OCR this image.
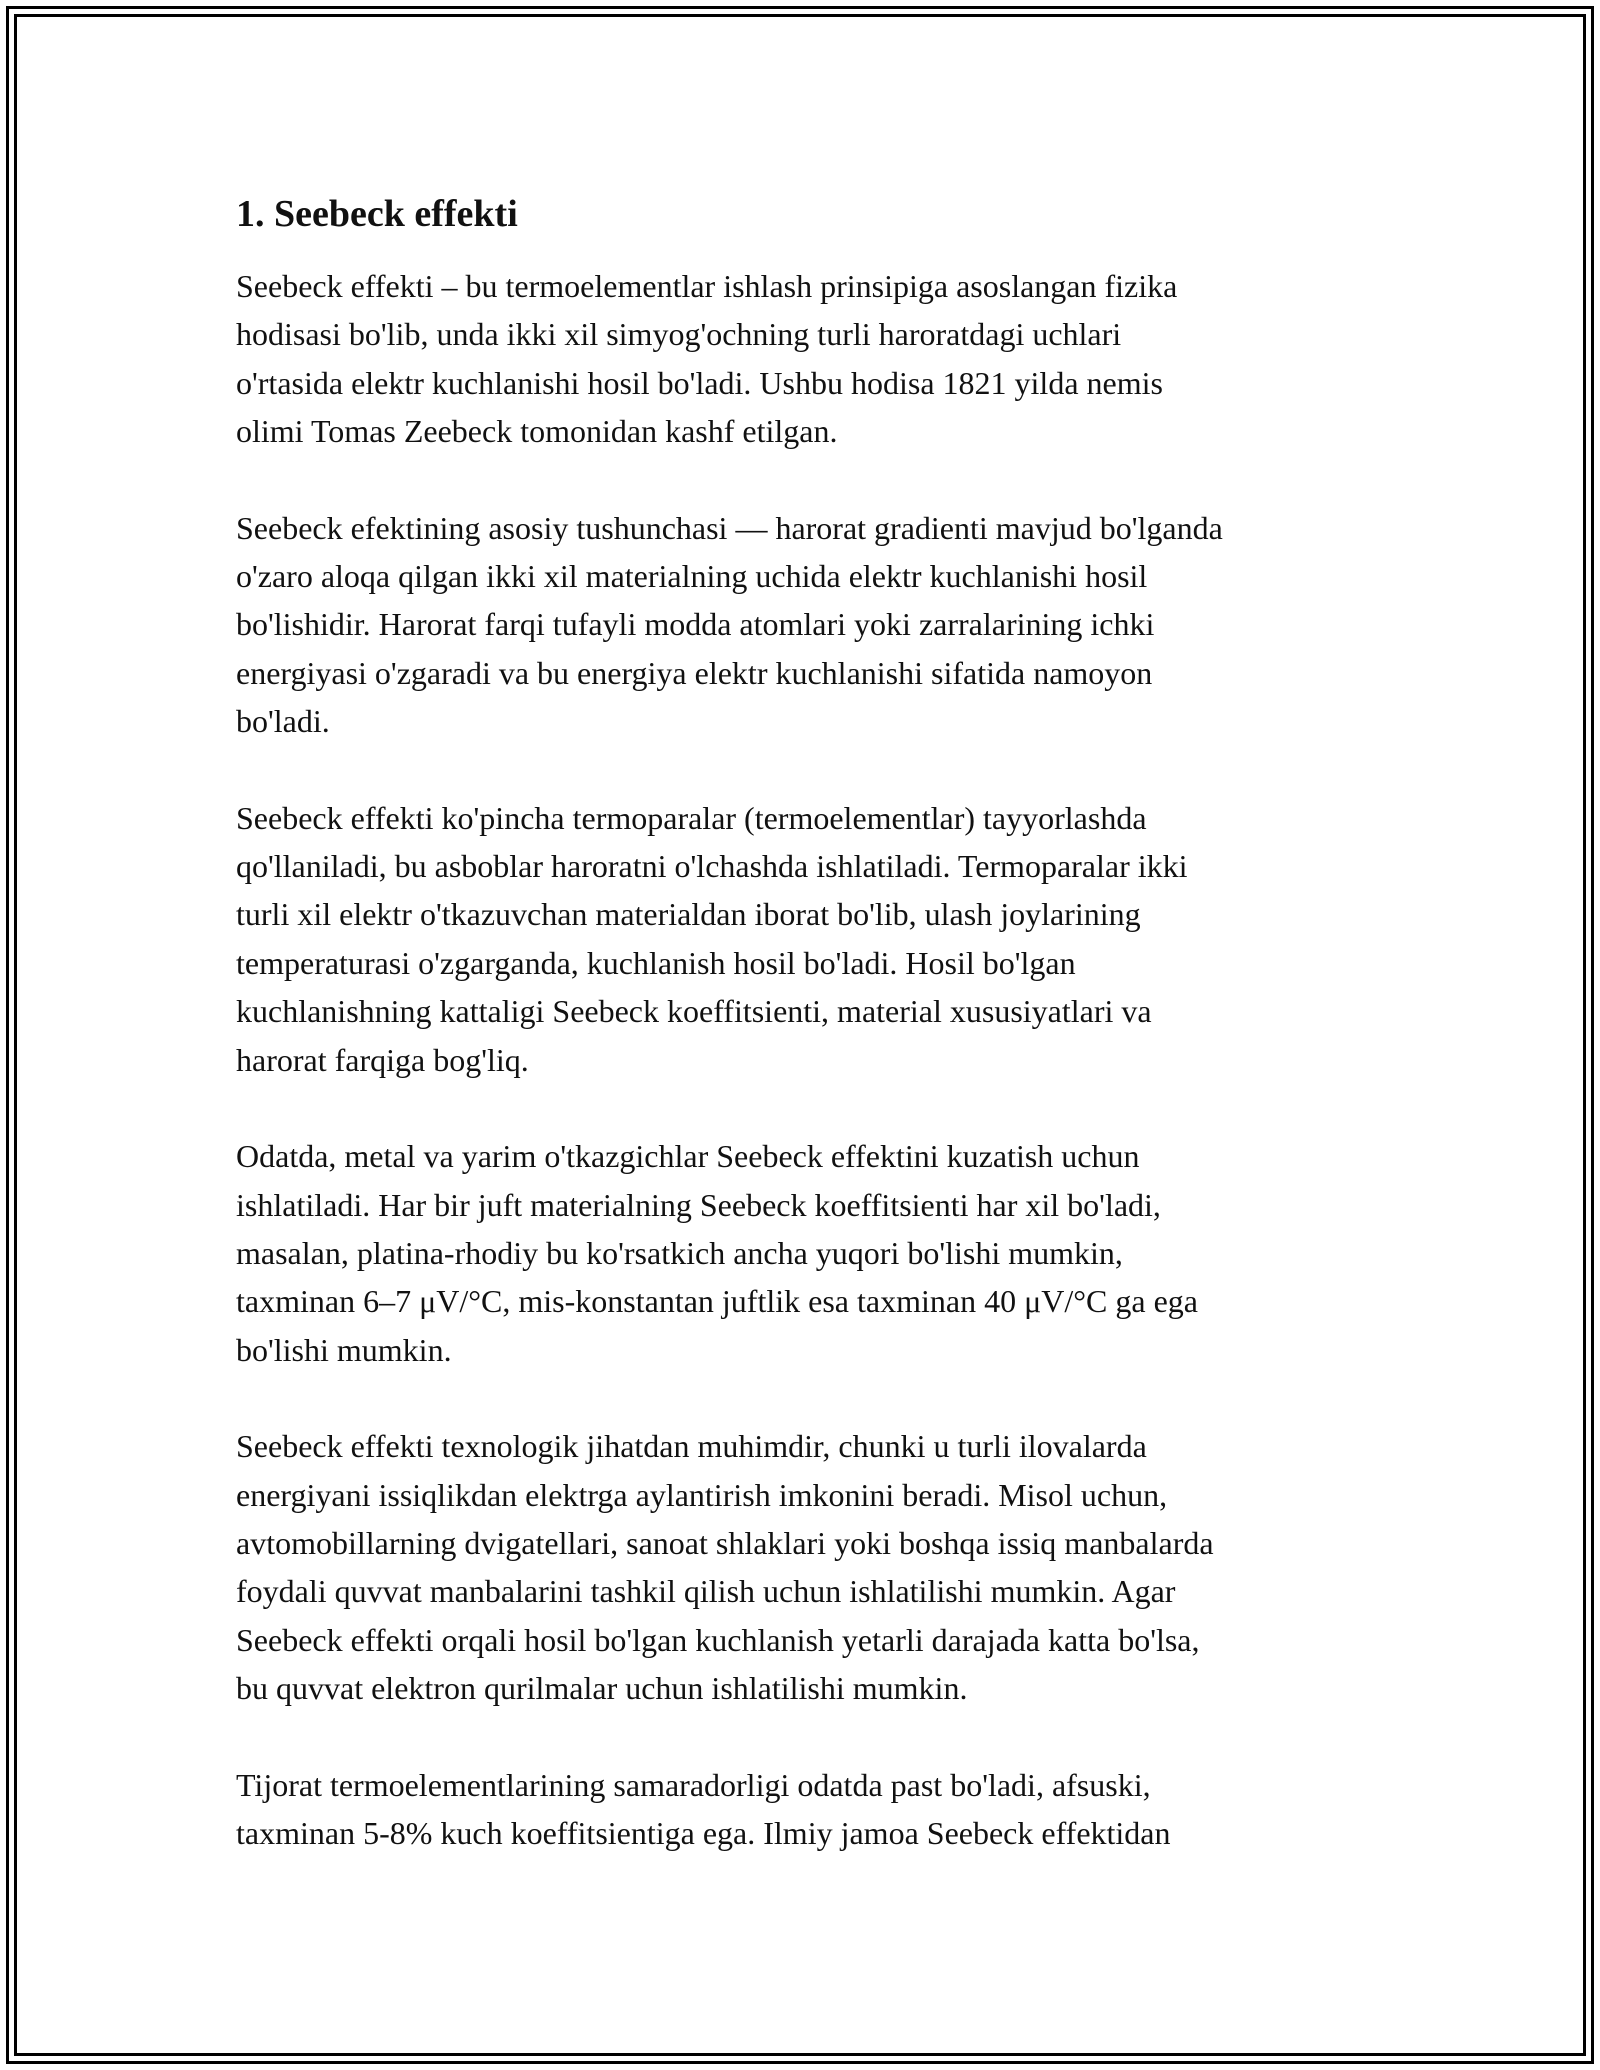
1. Seebeck effekti

Seebeck effekti – bu termoelementlar ishlash prinsipiga asoslangan fizika
hodisasi bo'lib, unda ikki xil simyog'ochning turli haroratdagi uchlari
o'rtasida elektr kuchlanishi hosil bo'ladi. Ushbu hodisa 1821 yilda nemis
olimi Tomas Zeebeck tomonidan kashf etilgan.

Seebeck efektining asosiy tushunchasi — harorat gradienti mavjud bo'lganda
o'zaro aloqa qilgan ikki xil materialning uchida elektr kuchlanishi hosil
bo'lishidir. Harorat farqi tufayli modda atomlari yoki zarralarining ichki
energiyasi o'zgaradi va bu energiya elektr kuchlanishi sifatida namoyon
bo'ladi.

Seebeck effekti ko'pincha termoparalar (termoelementlar) tayyorlashda
qo'llaniladi, bu asboblar haroratni o'lchashda ishlatiladi. Termoparalar ikki
turli xil elektr o'tkazuvchan materialdan iborat bo'lib, ulash joylarining
temperaturasi o'zgarganda, kuchlanish hosil bo'ladi. Hosil bo'lgan
kuchlanishning kattaligi Seebeck koeffitsienti, material xususiyatlari va
harorat farqiga bog'liq.

Odatda, metal va yarim o'tkazgichlar Seebeck effektini kuzatish uchun
ishlatiladi. Har bir juft materialning Seebeck koeffitsienti har xil bo'ladi,
masalan, platina-rhodiy bu ko'rsatkich ancha yuqori bo'lishi mumkin,
taxminan 6–7 μV/°C, mis-konstantan juftlik esa taxminan 40 μV/°C ga ega
bo'lishi mumkin.

Seebeck effekti texnologik jihatdan muhimdir, chunki u turli ilovalarda
energiyani issiqlikdan elektrga aylantirish imkonini beradi. Misol uchun,
avtomobillarning dvigatellari, sanoat shlaklari yoki boshqa issiq manbalarda
foydali quvvat manbalarini tashkil qilish uchun ishlatilishi mumkin. Agar
Seebeck effekti orqali hosil bo'lgan kuchlanish yetarli darajada katta bo'lsa,
bu quvvat elektron qurilmalar uchun ishlatilishi mumkin.

Tijorat termoelementlarining samaradorligi odatda past bo'ladi, afsuski,
taxminan 5-8% kuch koeffitsientiga ega. Ilmiy jamoa Seebeck effektidan
